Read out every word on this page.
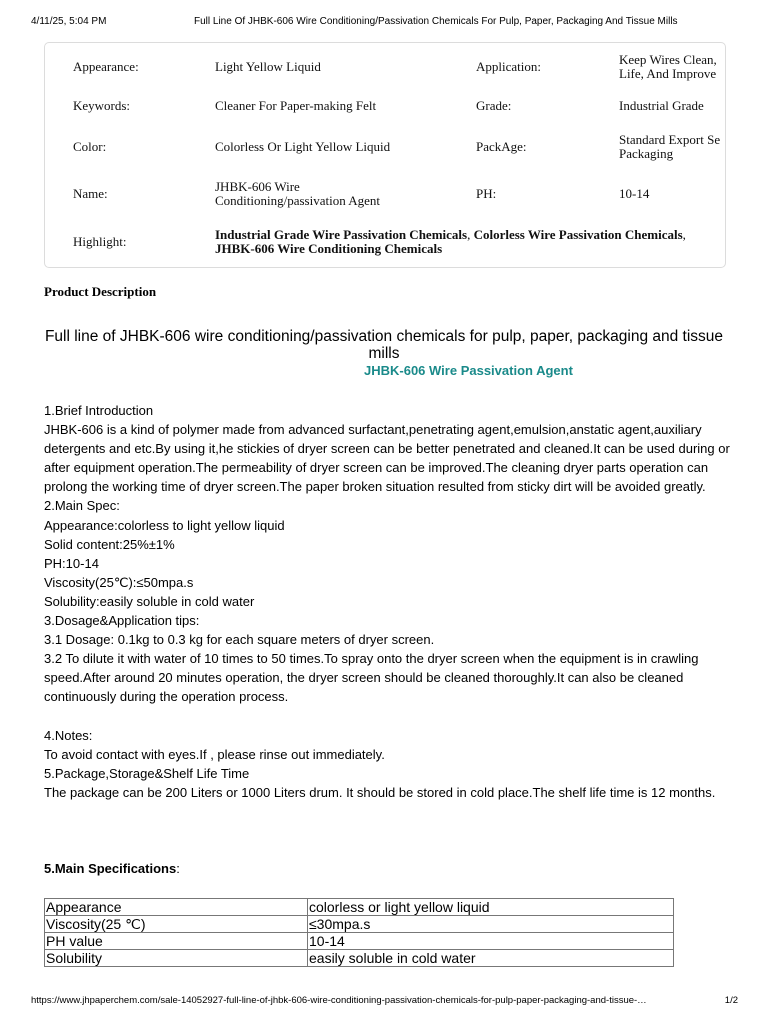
4/11/25, 5:04 PM	Full Line Of JHBK-606 Wire Conditioning/Passivation Chemicals For Pulp, Paper, Packaging And Tissue Mills
Appearance:	Light Yellow Liquid	Application:	Keep Wires Clean,
Life, And Improve
Keywords:	Cleaner For Paper-making Felt	Grade:	Industrial Grade
Color:	Colorless Or Light Yellow Liquid	PackAge:	Standard Export Se
Packaging
Name:	JHBK-606 Wire
Conditioning/passivation Agent	PH:	10-14
Highlight:	Industrial Grade Wire Passivation Chemicals, Colorless Wire Passivation Chemicals,
JHBK-606 Wire Conditioning Chemicals
Product Description
Full line of JHBK-606 wire conditioning/passivation chemicals for pulp, paper, packaging and tissue mills
JHBK-606 Wire Passivation Agent

1.Brief Introduction

JHBK-606 is a kind of polymer made from advanced surfactant,penetrating agent,emulsion,anstatic agent,auxiliary detergents and etc.By using it,he stickies of dryer screen can be better penetrated and cleaned.It can be used during or after equipment operation.The permeability of dryer screen can be improved.The cleaning dryer parts operation can prolong the working time of dryer screen.The paper broken situation resulted from sticky dirt will be avoided greatly.

2.Main Spec:

Appearance:colorless to light yellow liquid

Solid content:25%±1%

PH:10-14

Viscosity(25℃):≤50mpa.s

Solubility:easily soluble in cold water

3.Dosage&Application tips:

3.1 Dosage: 0.1kg to 0.3 kg for each square meters of dryer screen.

3.2 To dilute it with water of 10 times to 50 times.To spray onto the dryer screen when the equipment is in crawling speed.After around 20 minutes operation, the dryer screen should be cleaned thoroughly.It can also be cleaned continuously during the operation process.

4.Notes:

To avoid contact with eyes.If , please rinse out immediately.

5.Package,Storage&Shelf Life Time

The package can be 200 Liters or 1000 Liters drum. It should be stored in cold place.The shelf life time is 12 months.

5.Main Specifications:
Appearance	colorless or light yellow liquid
Viscosity(25 ℃)	≤30mpa.s
PH value	10-14
Solubility	easily soluble in cold water
https://www.jhpaperchem.com/sale-14052927-full-line-of-jhbk-606-wire-conditioning-passivation-chemicals-for-pulp-paper-packaging-and-tissue-…	1/2
